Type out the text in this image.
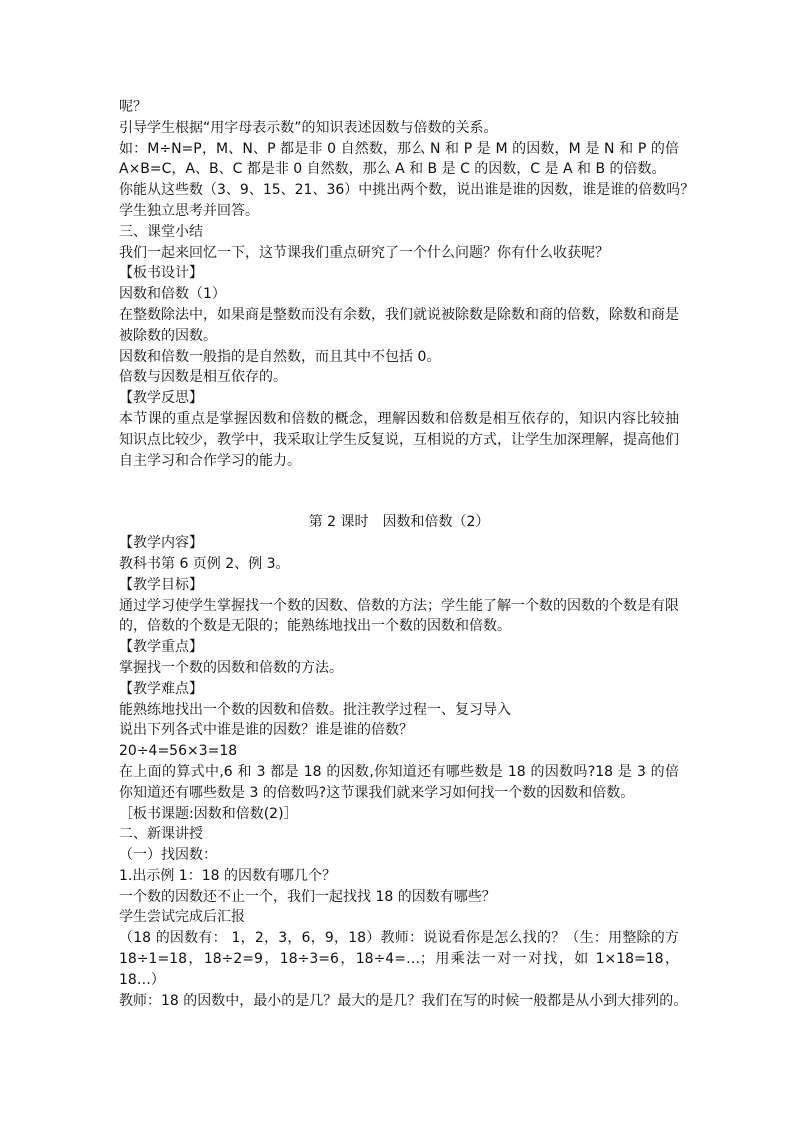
呢？
引导学生根据“用字母表示数”的知识表述因数与倍数的关系。
如：M÷N=P，M、N、P 都是非 0 自然数，那么 N 和 P 是 M 的因数，M 是 N 和 P 的倍
A×B=C，A、B、C 都是非 0 自然数，那么 A 和 B 是 C 的因数，C 是 A 和 B 的倍数。
你能从这些数（3、9、15、21、36）中挑出两个数，说出谁是谁的因数，谁是谁的倍数吗？
学生独立思考并回答。
三、课堂小结
我们一起来回忆一下，这节课我们重点研究了一个什么问题？你有什么收获呢？
【板书设计】
因数和倍数（1）
在整数除法中，如果商是整数而没有余数，我们就说被除数是除数和商的倍数，除数和商是
被除数的因数。
因数和倍数一般指的是自然数，而且其中不包括 0。
倍数与因数是相互依存的。
【教学反思】
本节课的重点是掌握因数和倍数的概念，理解因数和倍数是相互依存的，知识内容比较抽
知识点比较少，教学中，我采取让学生反复说，互相说的方式，让学生加深理解，提高他们
自主学习和合作学习的能力。
第 2 课时　因数和倍数（2）
【教学内容】
教科书第 6 页例 2、例 3。
【教学目标】
通过学习使学生掌握找一个数的因数、倍数的方法；学生能了解一个数的因数的个数是有限
的，倍数的个数是无限的；能熟练地找出一个数的因数和倍数。
【教学重点】
掌握找一个数的因数和倍数的方法。
【教学难点】
能熟练地找出一个数的因数和倍数。批注教学过程一、复习导入
说出下列各式中谁是谁的因数？谁是谁的倍数？
20÷4=56×3=18
在上面的算式中,6 和 3 都是 18 的因数,你知道还有哪些数是 18 的因数吗?18 是 3 的倍
你知道还有哪些数是 3 的倍数吗?这节课我们就来学习如何找一个数的因数和倍数。
［板书课题:因数和倍数(2)］
二、新课讲授
（一）找因数：
1.出示例 1：18 的因数有哪几个？
一个数的因数还不止一个，我们一起找找 18 的因数有哪些？
学生尝试完成后汇报
（18 的因数有： 1，2，3，6，9，18）教师：说说看你是怎么找的？（生：用整除的方
18÷1=18，18÷2=9，18÷3=6，18÷4=…；用乘法一对一对找，如 1×18=18，
18…）
教师：18 的因数中，最小的是几？最大的是几？我们在写的时候一般都是从小到大排列的。
